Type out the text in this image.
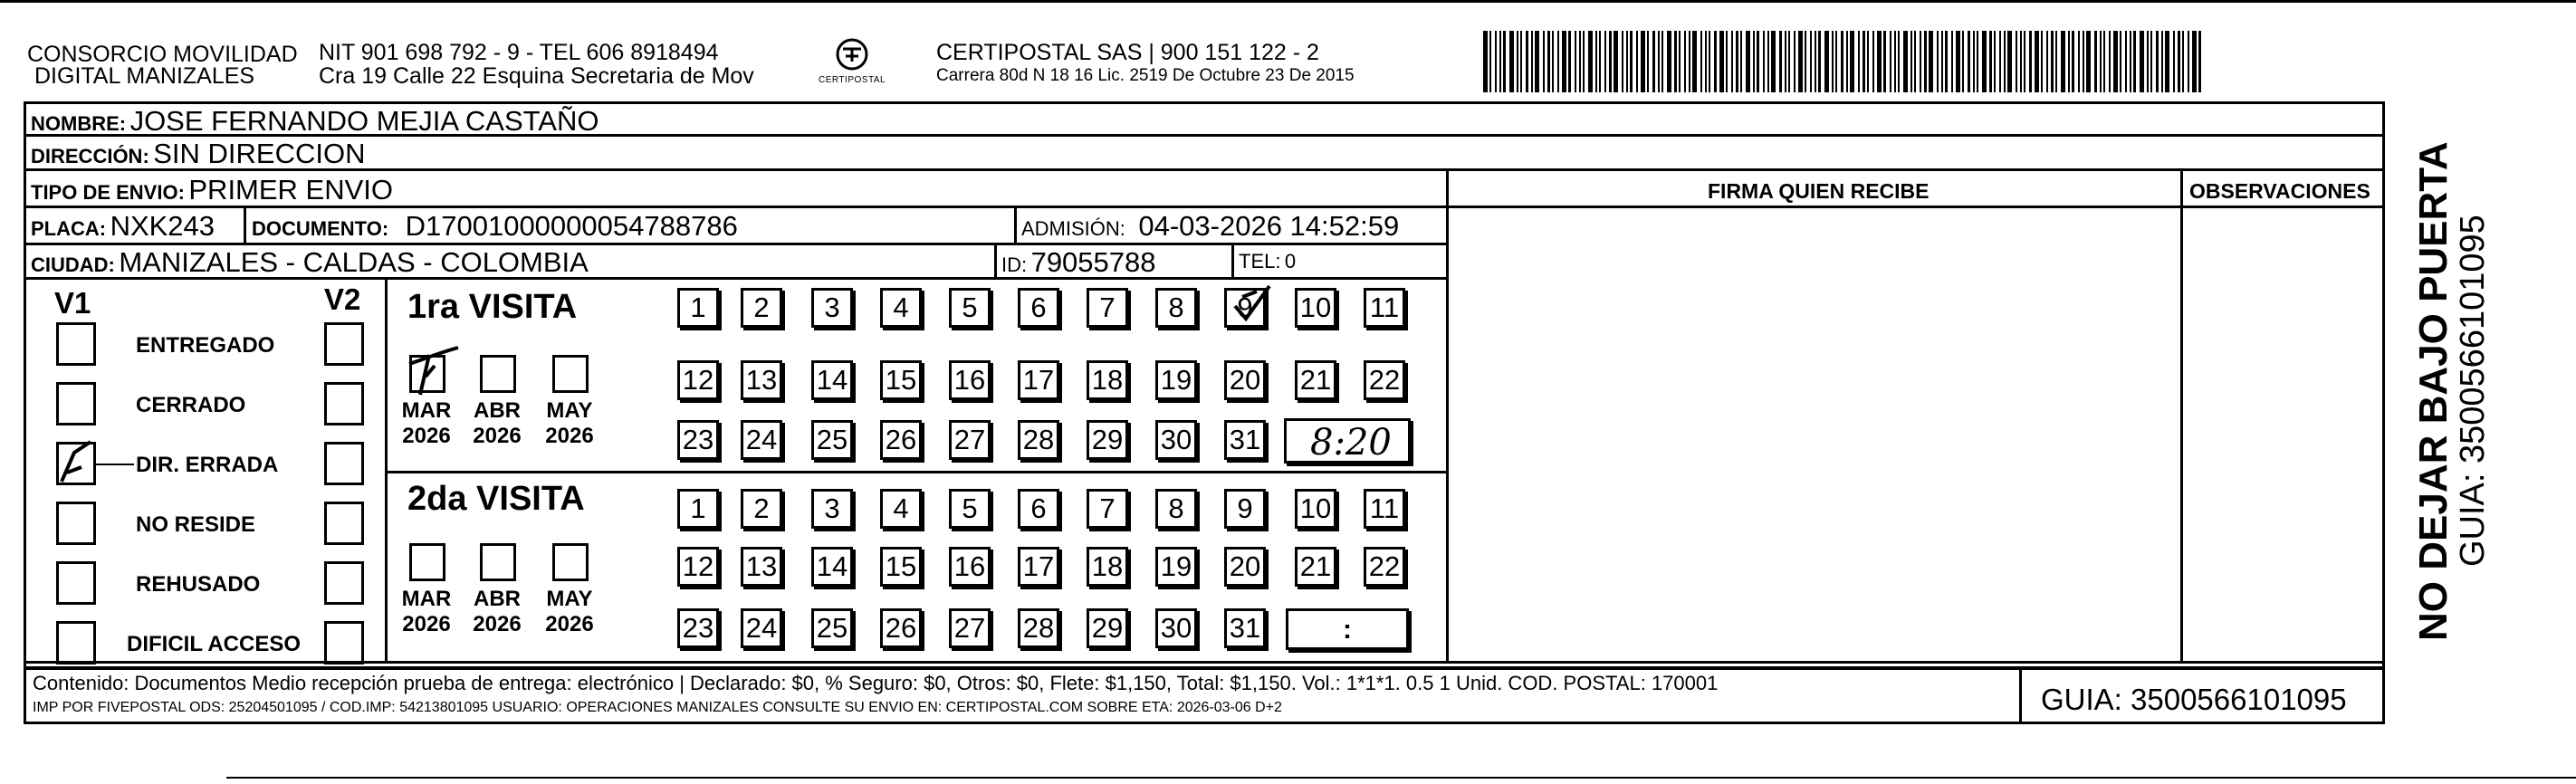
CONSORCIO MOVILIDAD
DIGITAL MANIZALES
NIT 901 698 792 - 9 - TEL 606 8918494
Cra 19 Calle 22 Esquina Secretaria de Mov	CERTIPOSTAL
CERTIPOSTAL SAS | 900 151 122 - 2
Carrera 80d N 18 16 Lic. 2519 De Octubre 23 De 2015
NOMBRE: JOSE FERNANDO MEJIA CASTAÑO
DIRECCIÓN: SIN DIRECCION
TIPO DE ENVIO: PRIMER ENVIO
PLACA: NXK243 DOCUMENTO: D17001000000054788786	ADMISIÓN: 04-03-2026 14:52:59
CIUDAD: MANIZALES - CALDAS - COLOMBIA	ID: 79055788	TEL: 0
FIRMA QUIEN RECIBE	OBSERVACIONES
V1	V2
ENTREGADO
CERRADO
DIR. ERRADA
NO RESIDE
REHUSADO
DIFICIL ACCESO
1ra VISITA
MAR
2026
ABR
2026
MAY
2026
1	2	3	4	5	6	7	8	9	10 11
12 13 14 15 16 17 18 19 20 21 22
23 24 25 26 27 28 29 30 31 8:20
2da VISITA
MAR
2026
ABR
2026
MAY
2026
1	2	3	4	5	6	7	8	9	10 11
12 13 14 15 16 17 18 19 20 21 22
23 24 25 26 27 28 29 30 31	:
Contenido: Documentos Medio recepción prueba de entrega: electrónico | Declarado: $0, % Seguro: $0, Otros: $0, Flete: $1,150, Total: $1,150. Vol.: 1*1*1. 0.5 1 Unid. COD. POSTAL: 170001
IMP POR FIVEPOSTAL ODS: 25204501095 / COD.IMP: 54213801095 USUARIO: OPERACIONES MANIZALES CONSULTE SU ENVIO EN: CERTIPOSTAL.COM SOBRE ETA: 2026-03-06 D+2	GUIA: 3500566101095
NO DEJAR BAJO PUERTA
GUIA: 3500566101095
